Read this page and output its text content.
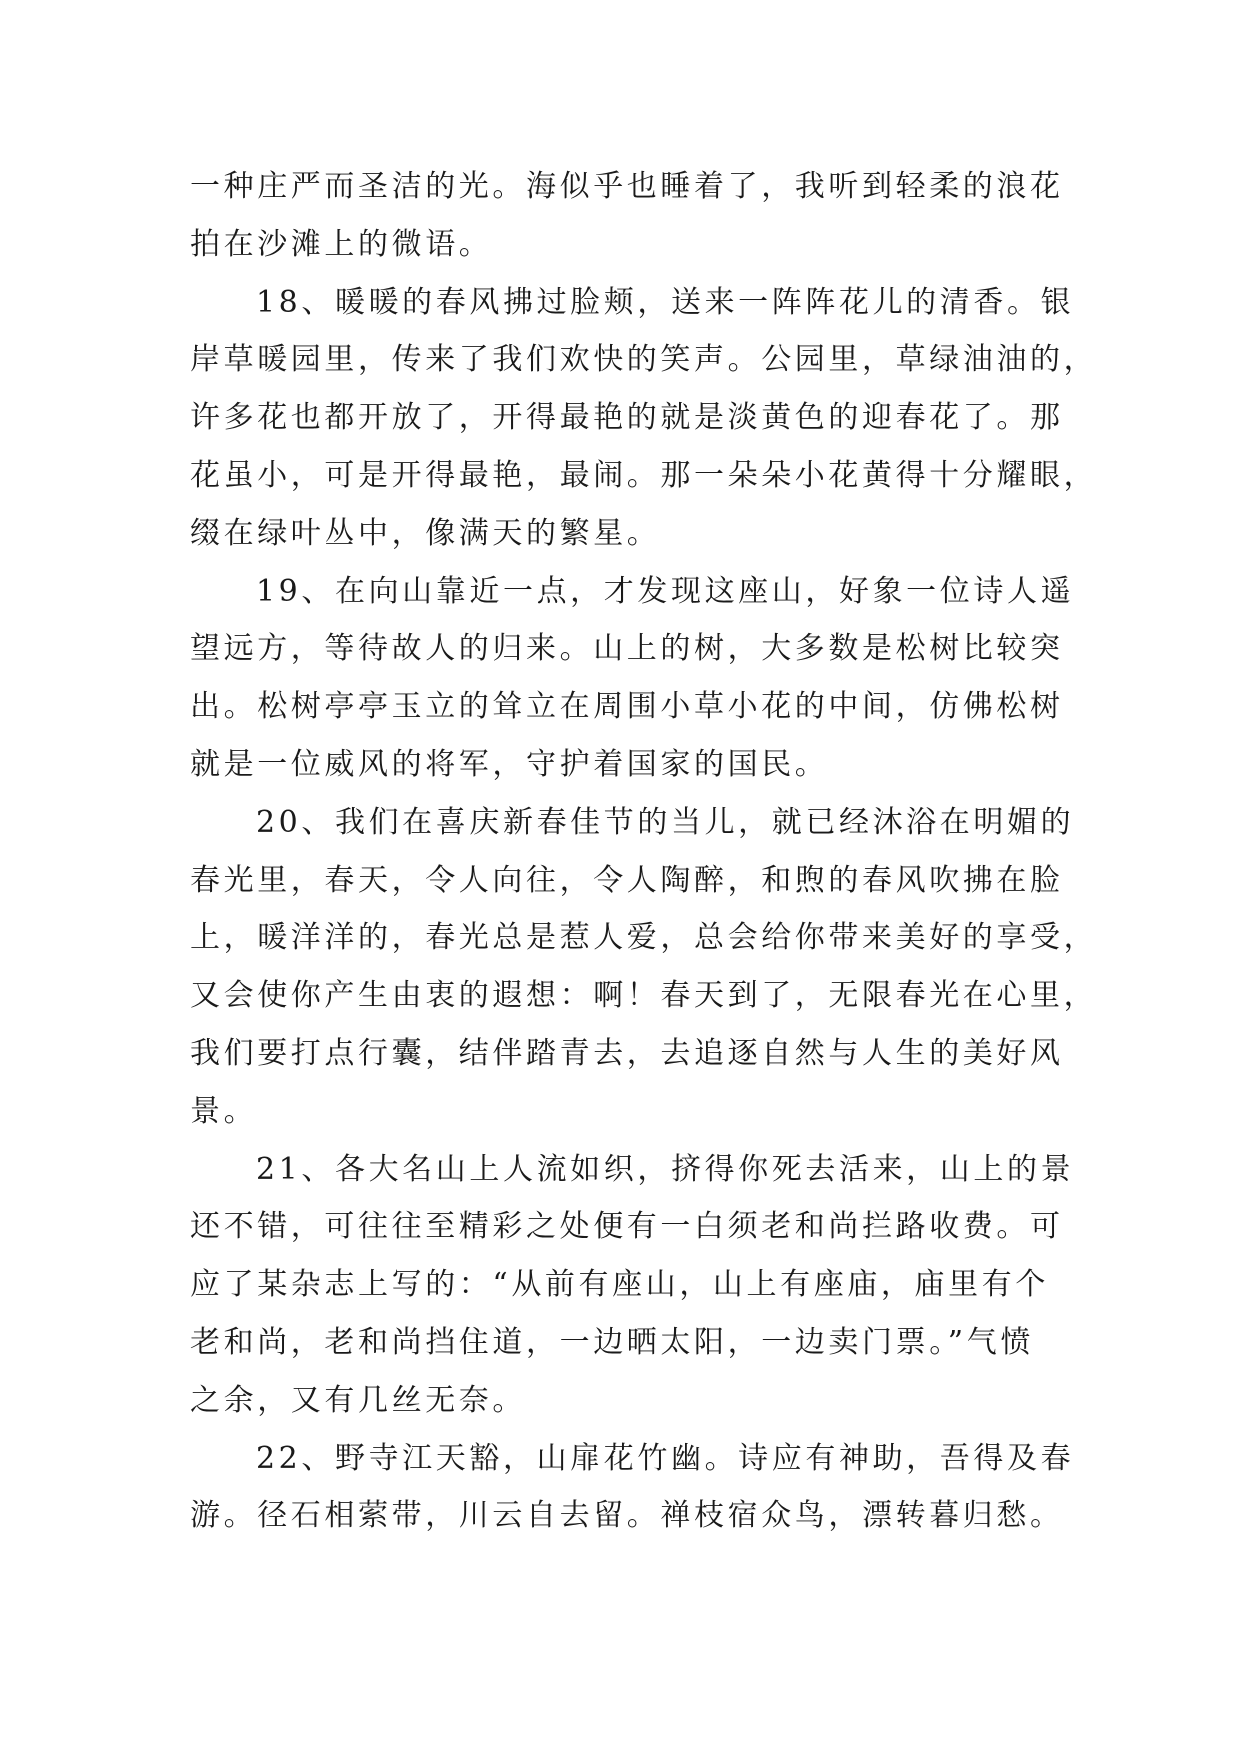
一种庄严而圣洁的光。海似乎也睡着了，我听到轻柔的浪花
拍在沙滩上的微语。
18、暖暖的春风拂过脸颊，送来一阵阵花儿的清香。银
岸草暖园里，传来了我们欢快的笑声。公园里，草绿油油的，
许多花也都开放了，开得最艳的就是淡黄色的迎春花了。那
花虽小，可是开得最艳，最闹。那一朵朵小花黄得十分耀眼，
缀在绿叶丛中，像满天的繁星。
19、在向山靠近一点，才发现这座山，好象一位诗人遥
望远方，等待故人的归来。山上的树，大多数是松树比较突
出。松树亭亭玉立的耸立在周围小草小花的中间，仿佛松树
就是一位威风的将军，守护着国家的国民。
20、我们在喜庆新春佳节的当儿，就已经沐浴在明媚的
春光里，春天，令人向往，令人陶醉，和煦的春风吹拂在脸
上，暖洋洋的，春光总是惹人爱，总会给你带来美好的享受，
又会使你产生由衷的遐想：啊！春天到了，无限春光在心里，
我们要打点行囊，结伴踏青去，去追逐自然与人生的美好风
景。
21、各大名山上人流如织，挤得你死去活来，山上的景
还不错，可往往至精彩之处便有一白须老和尚拦路收费。可
应了某杂志上写的：“从前有座山，山上有座庙，庙里有个
老和尚，老和尚挡住道，一边晒太阳，一边卖门票。”气愤
之余，又有几丝无奈。
22、野寺江天豁，山扉花竹幽。诗应有神助，吾得及春
游。径石相萦带，川云自去留。禅枝宿众鸟，漂转暮归愁。
